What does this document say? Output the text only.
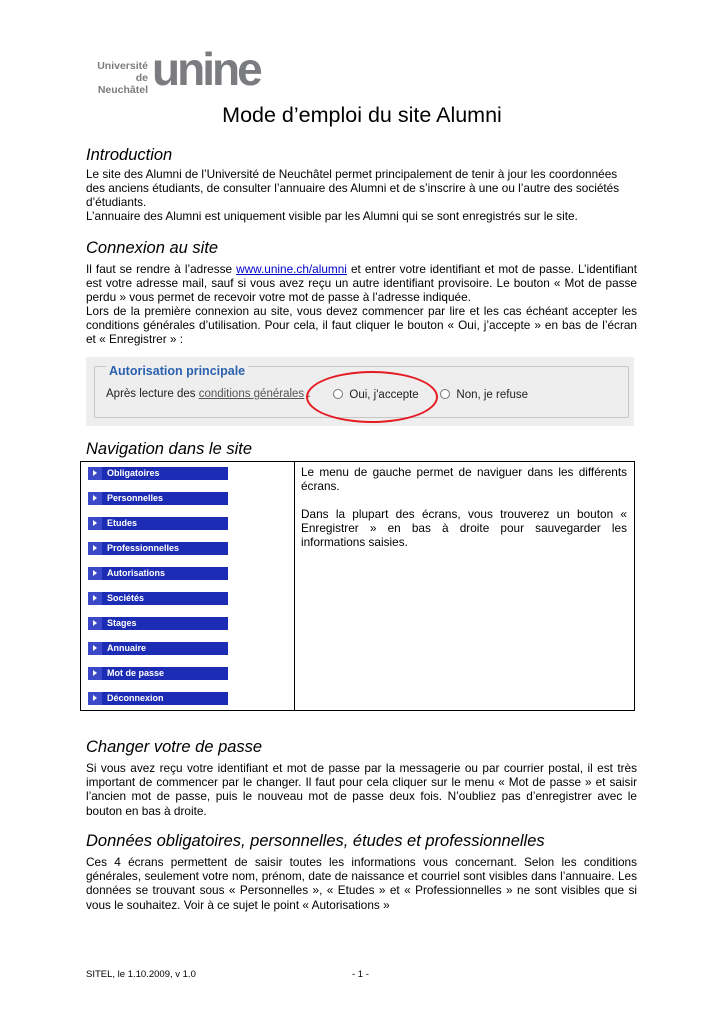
Université
de Neuchâtel unine
Mode d’emploi du site Alumni
Introduction

Le site des Alumni de l’Université de Neuchâtel permet principalement de tenir à jour les coordonnées des anciens étudiants, de consulter l’annuaire des Alumni et de s’inscrire à une ou l’autre des sociétés d’étudiants.

L’annuaire des Alumni est uniquement visible par les Alumni qui se sont enregistrés sur le site.

Connexion au site

Il faut se rendre à l’adresse www.unine.ch/alumni et entrer votre identifiant et mot de passe. L’identifiant est votre adresse mail, sauf si vous avez reçu un autre identifiant provisoire. Le bouton « Mot de passe perdu » vous permet de recevoir votre mot de passe à l’adresse indiquée.

Lors de la première connexion au site, vous devez commencer par lire et les cas échéant accepter les conditions générales d’utilisation. Pour cela, il faut cliquer le bouton « Oui, j’accepte » en bas de l’écran et « Enregistrer » :

Autorisation principale
Après lecture des conditions générales :	Oui, j'accepte	Non, je refuse
Navigation dans le site
Obligatoires
Personnelles
Etudes
Professionnelles
Autorisations
Sociétés
Stages
Annuaire
Mot de passe
Déconnexion

Le menu de gauche permet de naviguer dans les différents écrans.

Dans la plupart des écrans, vous trouverez un bouton « Enregistrer » en bas à droite pour sauvegarder les informations saisies.

Changer votre de passe

Si vous avez reçu votre identifiant et mot de passe par la messagerie ou par courrier postal, il est très important de commencer par le changer. Il faut pour cela cliquer sur le menu « Mot de passe » et saisir l’ancien mot de passe, puis le nouveau mot de passe deux fois. N’oubliez pas d’enregistrer avec le bouton en bas à droite.

Données obligatoires, personnelles, études et professionnelles

Ces 4 écrans permettent de saisir toutes les informations vous concernant. Selon les conditions générales, seulement votre nom, prénom, date de naissance et courriel sont visibles dans l’annuaire. Les données se trouvant sous « Personnelles », « Etudes » et « Professionnelles » ne sont visibles que si vous le souhaitez. Voir à ce sujet le point « Autorisations »

SITEL, le 1.10.2009, v 1.0	- 1 -
